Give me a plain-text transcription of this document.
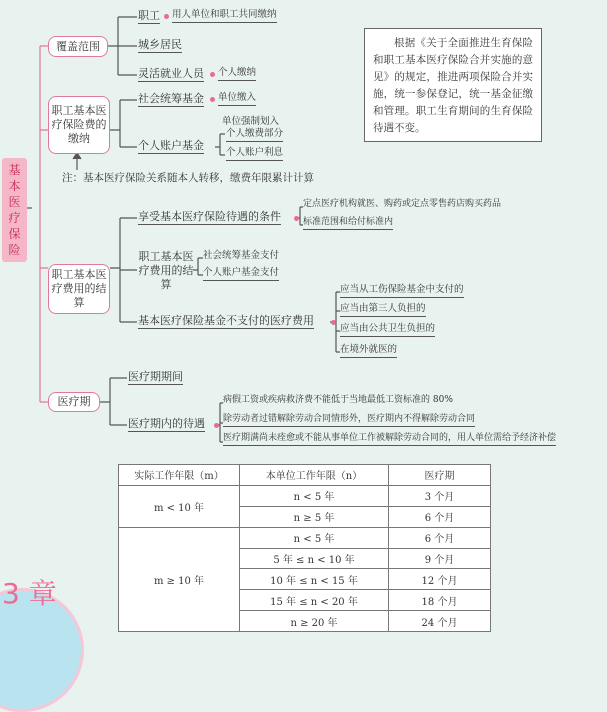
基
本
医
疗
保
险
覆盖范围
职工 用人单位和职工共同缴纳
城乡居民
灵活就业人员 个人缴纳
职工基本医疗保险费的缴纳
社会统筹基金 单位缴入
单位强制划入
个人账户基金
个人缴费部分
个人账户利息
注：基本医疗保险关系随本人转移，缴费年限累计计算
根据《关于全面推进生育保险和职工基本医疗保险合并实施的意见》的规定，推进两项保险合并实施，统一参保登记，统一基金征缴和管理。职工生育期间的生育保险待遇不变。
职工基本医疗费用的结算
享受基本医疗保险待遇的条件
定点医疗机构就医、购药或定点零售药店购买药品
标准范围和给付标准内
职工基本医疗费用的结算
社会统筹基金支付
个人账户基金支付
基本医疗保险基金不支付的医疗费用
应当从工伤保险基金中支付的
应当由第三人负担的
应当由公共卫生负担的
在境外就医的
医疗期
医疗期期间
医疗期内的待遇
病假工资或疾病救济费不能低于当地最低工资标准的 80%
除劳动者过错解除劳动合同情形外，医疗期内不得解除劳动合同
医疗期满尚未痊愈或不能从事单位工作被解除劳动合同的，用人单位需给予经济补偿
实际工作年限（m）	本单位工作年限（n）	医疗期
m < 10 年	n < 5 年	3 个月
	n ≥ 5 年	6 个月
m ≥ 10 年	n < 5 年	6 个月
	5 年 ≤ n < 10 年	9 个月
	10 年 ≤ n < 15 年	12 个月
	15 年 ≤ n < 20 年	18 个月
	n ≥ 20 年	24 个月
3 章
